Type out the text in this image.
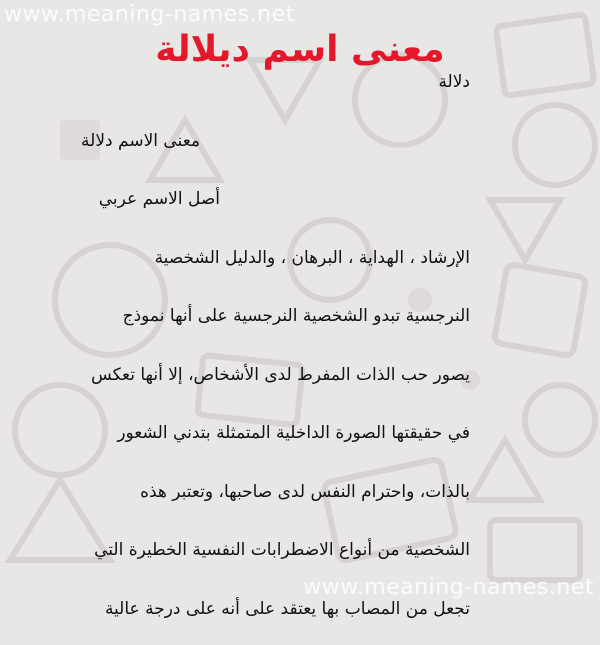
www.meaning-names.net
معنى اسم ديلالة
دلالة
معنى الاسم دلالة
أصل الاسم عربي
الإرشاد ، الهداية ، البرهان ، والدليل الشخصية
النرجسية تبدو الشخصية النرجسية على أنها نموذج
يصور حب الذات المفرط لدى الأشخاص، إلا أنها تعكس
في حقيقتها الصورة الداخلية المتمثلة بتدني الشعور
بالذات، واحترام النفس لدى صاحبها، وتعتبر هذه
الشخصية من أنواع الاضطرابات النفسية الخطيرة التي
تجعل من المصاب بها يعتقد على أنه على درجة عالية
www.meaning-names.net
